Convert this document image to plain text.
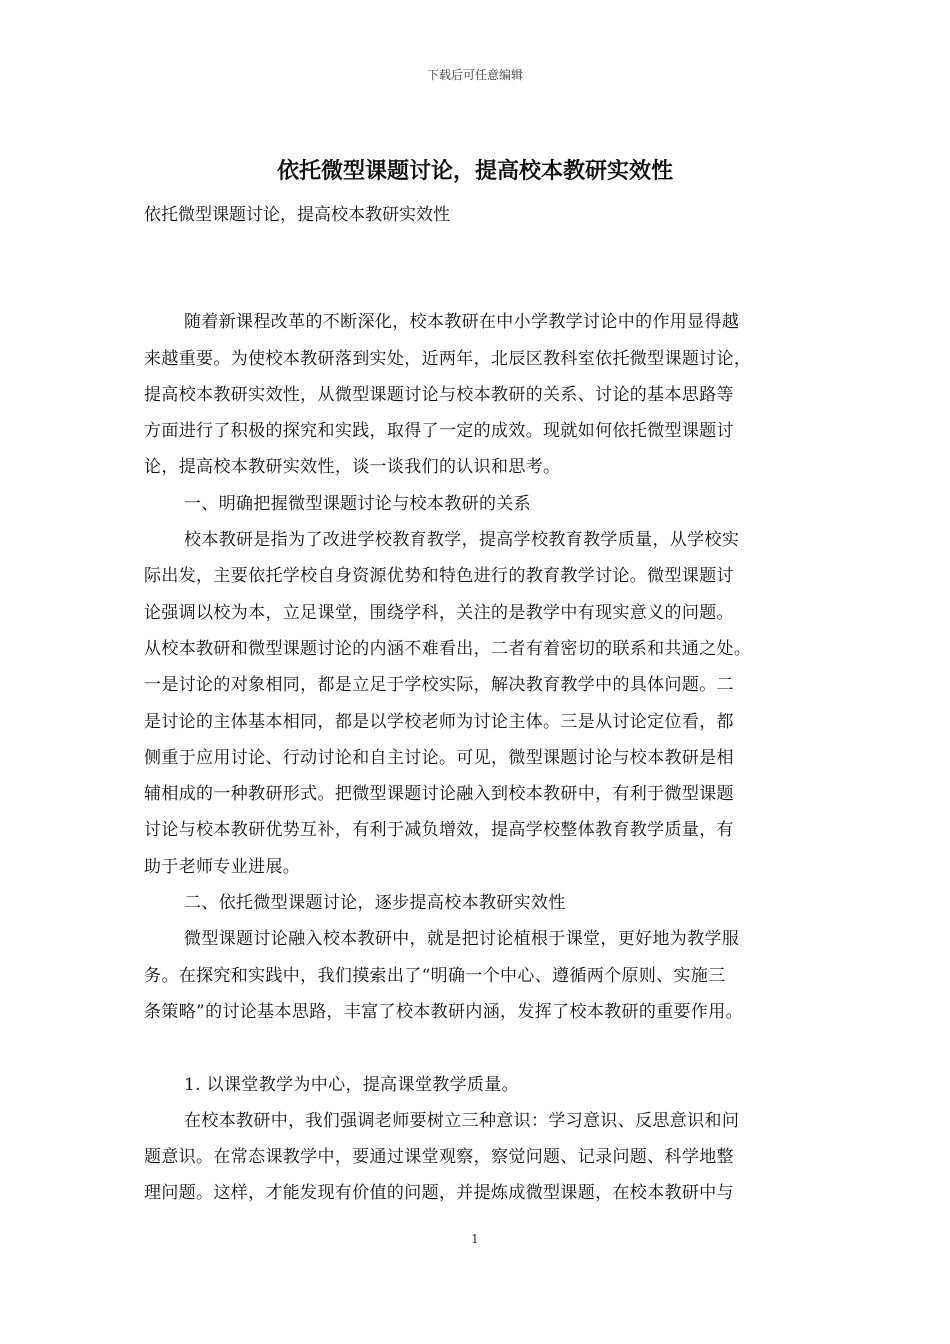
下载后可任意编辑
依托微型课题讨论，提高校本教研实效性

依托微型课题讨论，提高校本教研实效性

随着新课程改革的不断深化，校本教研在中小学教学讨论中的作用显得越
来越重要。为使校本教研落到实处，近两年，北辰区教科室依托微型课题讨论，
提高校本教研实效性，从微型课题讨论与校本教研的关系、讨论的基本思路等
方面进行了积极的探究和实践，取得了一定的成效。现就如何依托微型课题讨
论，提高校本教研实效性，谈一谈我们的认识和思考。
一、明确把握微型课题讨论与校本教研的关系
校本教研是指为了改进学校教育教学，提高学校教育教学质量，从学校实
际出发，主要依托学校自身资源优势和特色进行的教育教学讨论。微型课题讨
论强调以校为本，立足课堂，围绕学科，关注的是教学中有现实意义的问题。
从校本教研和微型课题讨论的内涵不难看出，二者有着密切的联系和共通之处。
一是讨论的对象相同，都是立足于学校实际，解决教育教学中的具体问题。二
是讨论的主体基本相同，都是以学校老师为讨论主体。三是从讨论定位看，都
侧重于应用讨论、行动讨论和自主讨论。可见，微型课题讨论与校本教研是相
辅相成的一种教研形式。把微型课题讨论融入到校本教研中，有利于微型课题
讨论与校本教研优势互补，有利于减负增效，提高学校整体教育教学质量，有
助于老师专业进展。
二、依托微型课题讨论，逐步提高校本教研实效性
微型课题讨论融入校本教研中，就是把讨论植根于课堂，更好地为教学服
务。在探究和实践中，我们摸索出了“明确一个中心、遵循两个原则、实施三
条策略”的讨论基本思路，丰富了校本教研内涵，发挥了校本教研的重要作用。
1. 以课堂教学为中心，提高课堂教学质量。
在校本教研中，我们强调老师要树立三种意识：学习意识、反思意识和问
题意识。在常态课教学中，要通过课堂观察，察觉问题、记录问题、科学地整
理问题。这样，才能发现有价值的问题，并提炼成微型课题，在校本教研中与
1
